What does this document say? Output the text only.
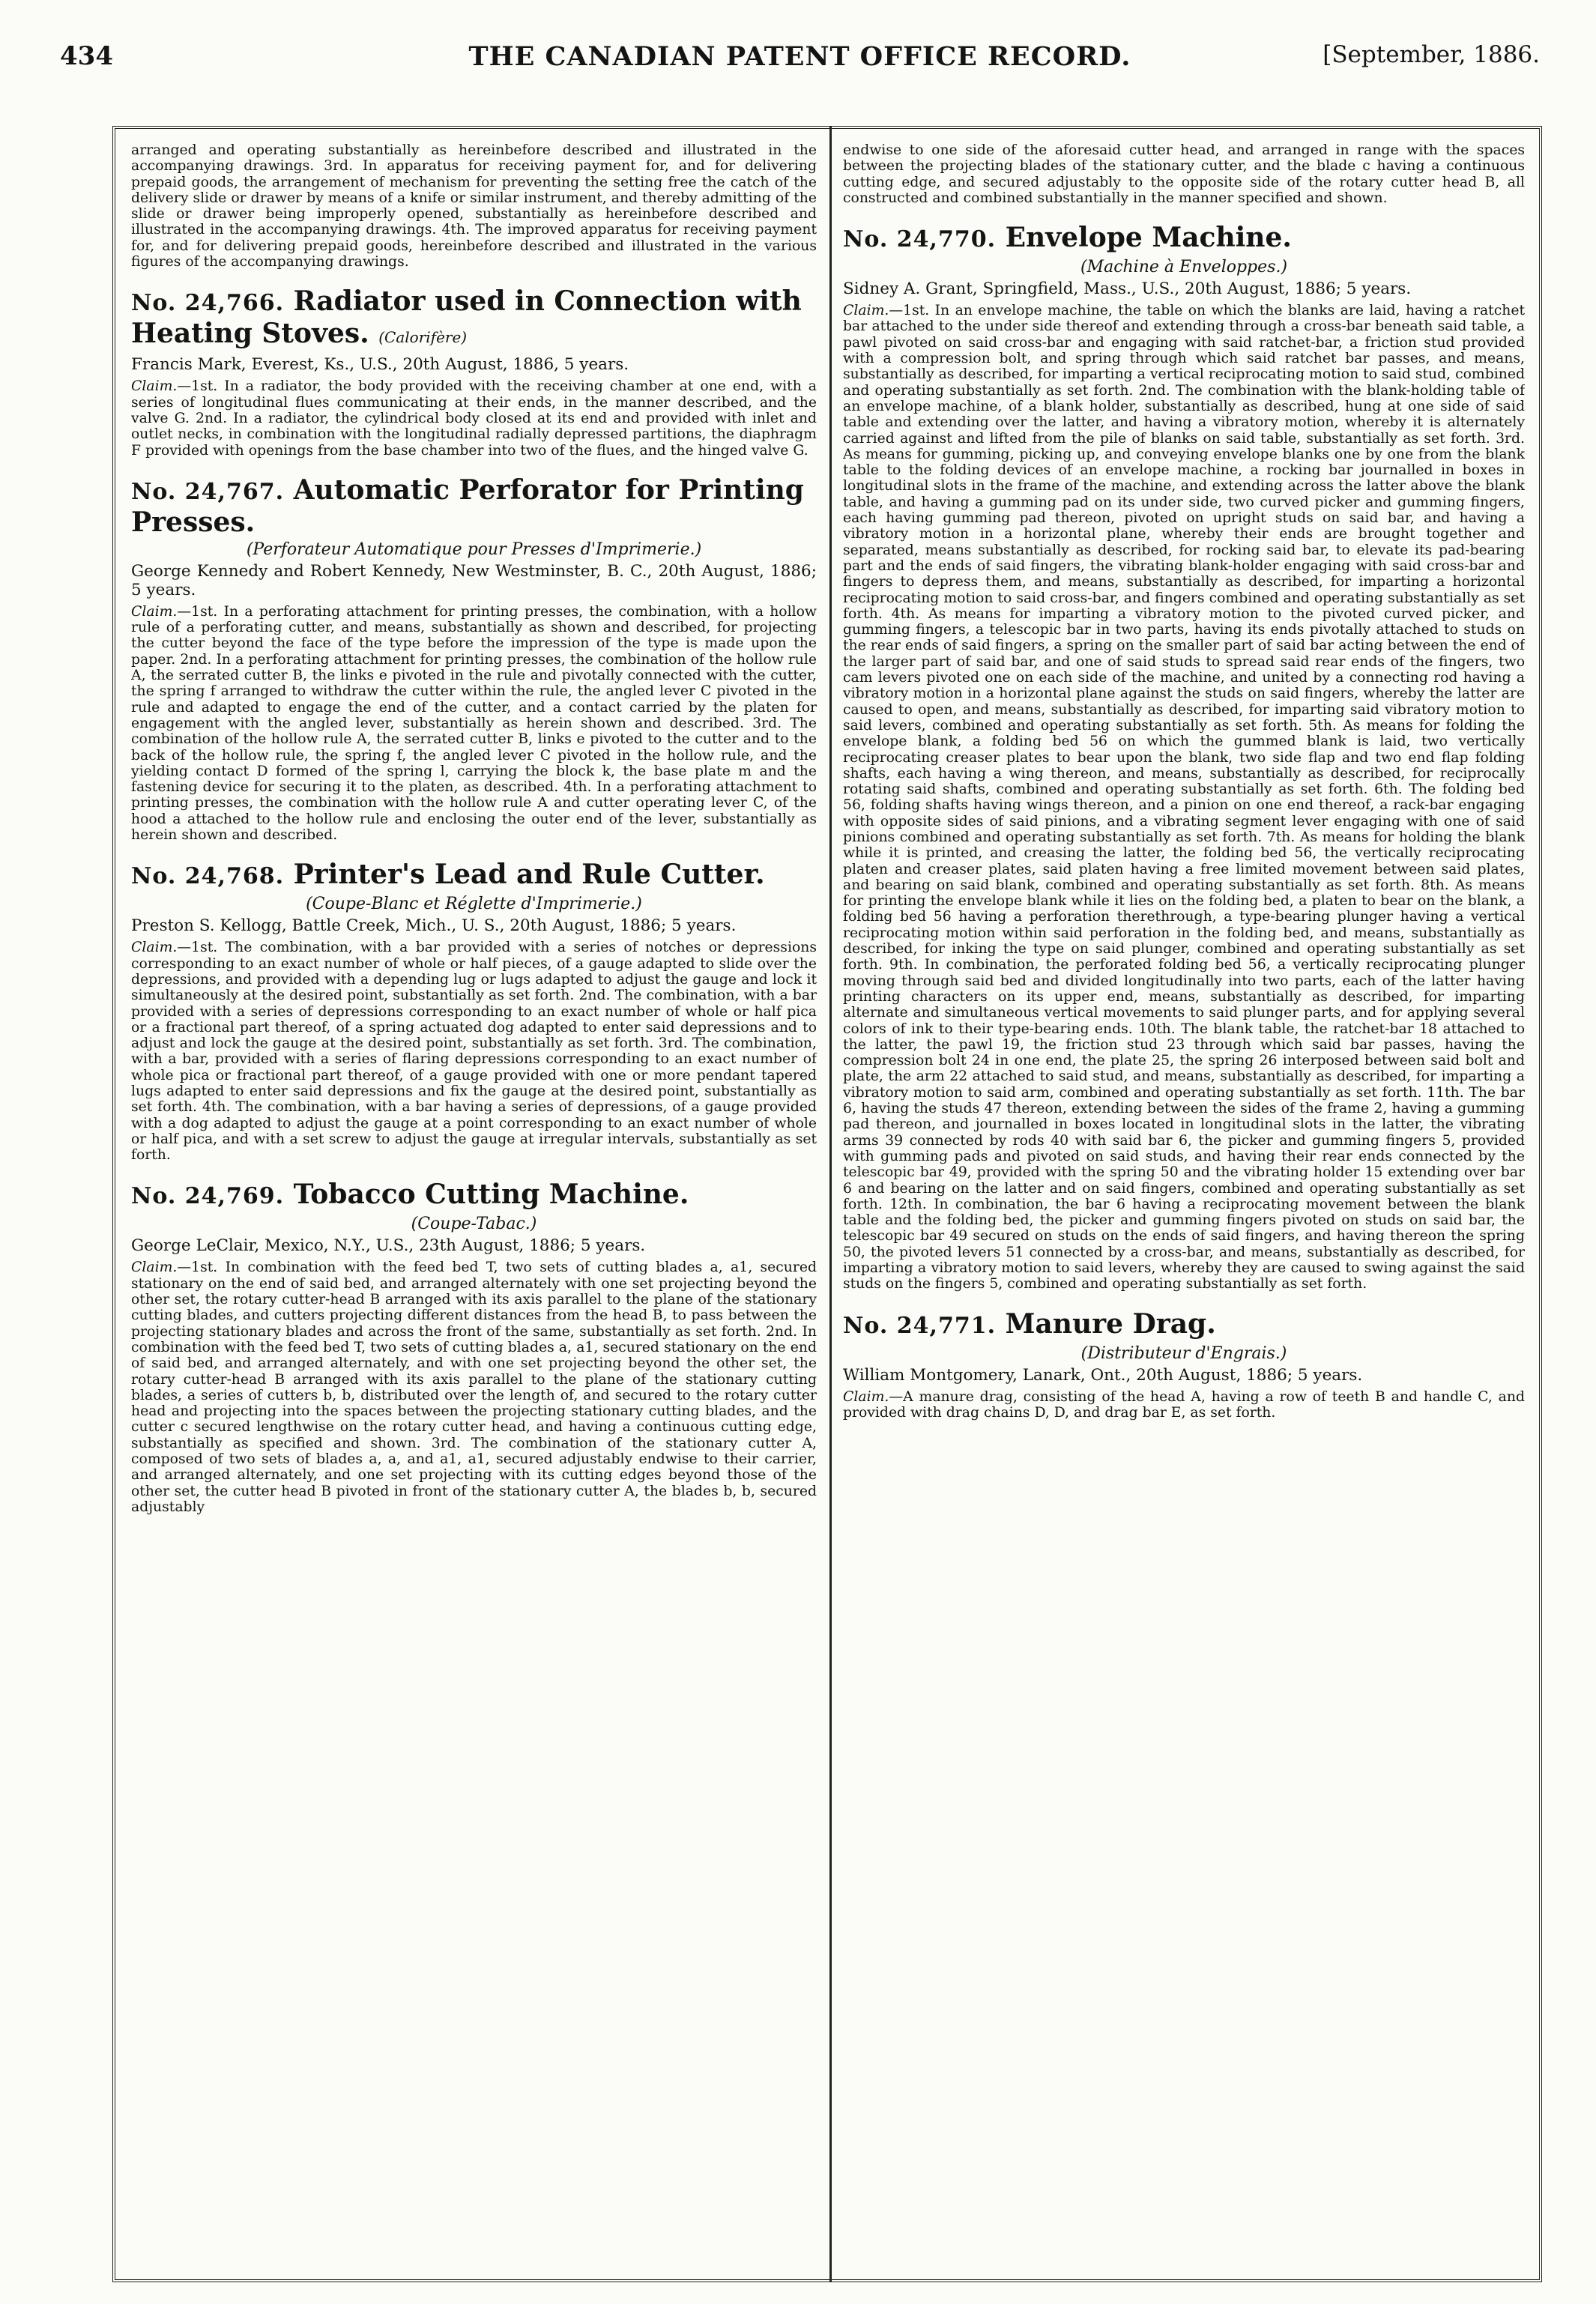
434	THE CANADIAN PATENT OFFICE RECORD.	[September, 1886.

arranged and operating substantially as hereinbefore described and illustrated in the accompanying drawings. 3rd. In apparatus for receiving payment for, and for delivering prepaid goods, the arrangement of mechanism for preventing the setting free the catch of the delivery slide or drawer by means of a knife or similar instrument, and thereby admitting of the slide or drawer being improperly opened, substantially as hereinbefore described and illustrated in the accompanying drawings. 4th. The improved apparatus for receiving payment for, and for delivering prepaid goods, hereinbefore described and illustrated in the various figures of the accompanying drawings.

No. 24,766. Radiator used in Connection with Heating Stoves. (Calorifère)

Francis Mark, Everest, Ks., U.S., 20th August, 1886, 5 years.

Claim.—1st. In a radiator, the body provided with the receiving chamber at one end, with a series of longitudinal flues communicating at their ends, in the manner described, and the valve G. 2nd. In a radiator, the cylindrical body closed at its end and provided with inlet and outlet necks, in combination with the longitudinal radially depressed partitions, the diaphragm F provided with openings from the base chamber into two of the flues, and the hinged valve G.

No. 24,767. Automatic Perforator for Printing Presses.

(Perforateur Automatique pour Presses d'Imprimerie.)

George Kennedy and Robert Kennedy, New Westminster, B. C., 20th August, 1886; 5 years.

Claim.—1st. In a perforating attachment for printing presses, the combination, with a hollow rule of a perforating cutter, and means, substantially as shown and described, for projecting the cutter beyond the face of the type before the impression of the type is made upon the paper. 2nd. In a perforating attachment for printing presses, the combination of the hollow rule A, the serrated cutter B, the links e pivoted in the rule and pivotally connected with the cutter, the spring f arranged to withdraw the cutter within the rule, the angled lever C pivoted in the rule and adapted to engage the end of the cutter, and a contact carried by the platen for engagement with the angled lever, substantially as herein shown and described. 3rd. The combination of the hollow rule A, the serrated cutter B, links e pivoted to the cutter and to the back of the hollow rule, the spring f, the angled lever C pivoted in the hollow rule, and the yielding contact D formed of the spring l, carrying the block k, the base plate m and the fastening device for securing it to the platen, as described. 4th. In a perforating attachment to printing presses, the combination with the hollow rule A and cutter operating lever C, of the hood a attached to the hollow rule and enclosing the outer end of the lever, substantially as herein shown and described.

No. 24,768. Printer's Lead and Rule Cutter.

(Coupe-Blanc et Réglette d'Imprimerie.)

Preston S. Kellogg, Battle Creek, Mich., U. S., 20th August, 1886; 5 years.

Claim.—1st. The combination, with a bar provided with a series of notches or depressions corresponding to an exact number of whole or half pieces, of a gauge adapted to slide over the depressions, and provided with a depending lug or lugs adapted to adjust the gauge and lock it simultaneously at the desired point, substantially as set forth. 2nd. The combination, with a bar provided with a series of depressions corresponding to an exact number of whole or half pica or a fractional part thereof, of a spring actuated dog adapted to enter said depressions and to adjust and lock the gauge at the desired point, substantially as set forth. 3rd. The combination, with a bar, provided with a series of flaring depressions corresponding to an exact number of whole pica or fractional part thereof, of a gauge provided with one or more pendant tapered lugs adapted to enter said depressions and fix the gauge at the desired point, substantially as set forth. 4th. The combination, with a bar having a series of depressions, of a gauge provided with a dog adapted to adjust the gauge at a point corresponding to an exact number of whole or half pica, and with a set screw to adjust the gauge at irregular intervals, substantially as set forth.

No. 24,769. Tobacco Cutting Machine.

(Coupe-Tabac.)

George LeClair, Mexico, N.Y., U.S., 23th August, 1886; 5 years.

Claim.—1st. In combination with the feed bed T, two sets of cutting blades a, a1, secured stationary on the end of said bed, and arranged alternately with one set projecting beyond the other set, the rotary cutter-head B arranged with its axis parallel to the plane of the stationary cutting blades, and cutters projecting different distances from the head B, to pass between the projecting stationary blades and across the front of the same, substantially as set forth. 2nd. In combination with the feed bed T, two sets of cutting blades a, a1, secured stationary on the end of said bed, and arranged alternately, and with one set projecting beyond the other set, the rotary cutter-head B arranged with its axis parallel to the plane of the stationary cutting blades, a series of cutters b, b, distributed over the length of, and secured to the rotary cutter head and projecting into the spaces between the projecting stationary cutting blades, and the cutter c secured lengthwise on the rotary cutter head, and having a continuous cutting edge, substantially as specified and shown. 3rd. The combination of the stationary cutter A, composed of two sets of blades a, a, and a1, a1, secured adjustably endwise to their carrier, and arranged alternately, and one set projecting with its cutting edges beyond those of the other set, the cutter head B pivoted in front of the stationary cutter A, the blades b, b, secured adjustably

endwise to one side of the aforesaid cutter head, and arranged in range with the spaces between the projecting blades of the stationary cutter, and the blade c having a continuous cutting edge, and secured adjustably to the opposite side of the rotary cutter head B, all constructed and combined substantially in the manner specified and shown.

No. 24,770. Envelope Machine.

(Machine à Enveloppes.)

Sidney A. Grant, Springfield, Mass., U.S., 20th August, 1886; 5 years.

Claim.—1st. In an envelope machine, the table on which the blanks are laid, having a ratchet bar attached to the under side thereof and extending through a cross-bar beneath said table, a pawl pivoted on said cross-bar and engaging with said ratchet-bar, a friction stud provided with a compression bolt, and spring through which said ratchet bar passes, and means, substantially as described, for imparting a vertical reciprocating motion to said stud, combined and operating substantially as set forth. 2nd. The combination with the blank-holding table of an envelope machine, of a blank holder, substantially as described, hung at one side of said table and extending over the latter, and having a vibratory motion, whereby it is alternately carried against and lifted from the pile of blanks on said table, substantially as set forth. 3rd. As means for gumming, picking up, and conveying envelope blanks one by one from the blank table to the folding devices of an envelope machine, a rocking bar journalled in boxes in longitudinal slots in the frame of the machine, and extending across the latter above the blank table, and having a gumming pad on its under side, two curved picker and gumming fingers, each having gumming pad thereon, pivoted on upright studs on said bar, and having a vibratory motion in a horizontal plane, whereby their ends are brought together and separated, means substantially as described, for rocking said bar, to elevate its pad-bearing part and the ends of said fingers, the vibrating blank-holder engaging with said cross-bar and fingers to depress them, and means, substantially as described, for imparting a horizontal reciprocating motion to said cross-bar, and fingers combined and operating substantially as set forth. 4th. As means for imparting a vibratory motion to the pivoted curved picker, and gumming fingers, a telescopic bar in two parts, having its ends pivotally attached to studs on the rear ends of said fingers, a spring on the smaller part of said bar acting between the end of the larger part of said bar, and one of said studs to spread said rear ends of the fingers, two cam levers pivoted one on each side of the machine, and united by a connecting rod having a vibratory motion in a horizontal plane against the studs on said fingers, whereby the latter are caused to open, and means, substantially as described, for imparting said vibratory motion to said levers, combined and operating substantially as set forth. 5th. As means for folding the envelope blank, a folding bed 56 on which the gummed blank is laid, two vertically reciprocating creaser plates to bear upon the blank, two side flap and two end flap folding shafts, each having a wing thereon, and means, substantially as described, for reciprocally rotating said shafts, combined and operating substantially as set forth. 6th. The folding bed 56, folding shafts having wings thereon, and a pinion on one end thereof, a rack-bar engaging with opposite sides of said pinions, and a vibrating segment lever engaging with one of said pinions combined and operating substantially as set forth. 7th. As means for holding the blank while it is printed, and creasing the latter, the folding bed 56, the vertically reciprocating platen and creaser plates, said platen having a free limited movement between said plates, and bearing on said blank, combined and operating substantially as set forth. 8th. As means for printing the envelope blank while it lies on the folding bed, a platen to bear on the blank, a folding bed 56 having a perforation therethrough, a type-bearing plunger having a vertical reciprocating motion within said perforation in the folding bed, and means, substantially as described, for inking the type on said plunger, combined and operating substantially as set forth. 9th. In combination, the perforated folding bed 56, a vertically reciprocating plunger moving through said bed and divided longitudinally into two parts, each of the latter having printing characters on its upper end, means, substantially as described, for imparting alternate and simultaneous vertical movements to said plunger parts, and for applying several colors of ink to their type-bearing ends. 10th. The blank table, the ratchet-bar 18 attached to the latter, the pawl 19, the friction stud 23 through which said bar passes, having the compression bolt 24 in one end, the plate 25, the spring 26 interposed between said bolt and plate, the arm 22 attached to said stud, and means, substantially as described, for imparting a vibratory motion to said arm, combined and operating substantially as set forth. 11th. The bar 6, having the studs 47 thereon, extending between the sides of the frame 2, having a gumming pad thereon, and journalled in boxes located in longitudinal slots in the latter, the vibrating arms 39 connected by rods 40 with said bar 6, the picker and gumming fingers 5, provided with gumming pads and pivoted on said studs, and having their rear ends connected by the telescopic bar 49, provided with the spring 50 and the vibrating holder 15 extending over bar 6 and bearing on the latter and on said fingers, combined and operating substantially as set forth. 12th. In combination, the bar 6 having a reciprocating movement between the blank table and the folding bed, the picker and gumming fingers pivoted on studs on said bar, the telescopic bar 49 secured on studs on the ends of said fingers, and having thereon the spring 50, the pivoted levers 51 connected by a cross-bar, and means, substantially as described, for imparting a vibratory motion to said levers, whereby they are caused to swing against the said studs on the fingers 5, combined and operating substantially as set forth.

No. 24,771. Manure Drag.

(Distributeur d'Engrais.)

William Montgomery, Lanark, Ont., 20th August, 1886; 5 years.

Claim.—A manure drag, consisting of the head A, having a row of teeth B and handle C, and provided with drag chains D, D, and drag bar E, as set forth.
